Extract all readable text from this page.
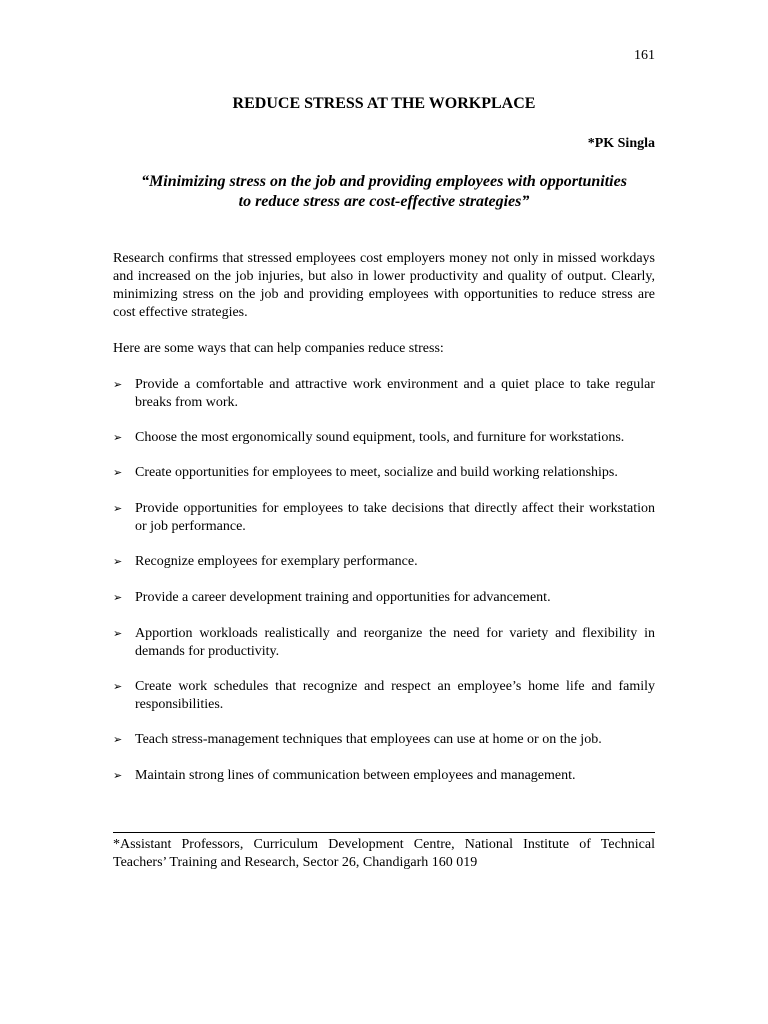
161
REDUCE STRESS AT THE WORKPLACE
*PK Singla
“Minimizing stress on the job and providing employees with opportunities
to reduce stress are cost-effective strategies”

Research confirms that stressed employees cost employers money not only in missed workdays and increased on the job injuries, but also in lower productivity and quality of output. Clearly, minimizing stress on the job and providing employees with opportunities to reduce stress are cost effective strategies.

Here are some ways that can help companies reduce stress:

➢ Provide a comfortable and attractive work environment and a quiet place to take regular breaks from work.
➢ Choose the most ergonomically sound equipment, tools, and furniture for workstations.
➢ Create opportunities for employees to meet, socialize and build working relationships.
➢ Provide opportunities for employees to take decisions that directly affect their workstation or job performance.
➢ Recognize employees for exemplary performance.
➢ Provide a career development training and opportunities for advancement.
➢ Apportion workloads realistically and reorganize the need for variety and flexibility in demands for productivity.
➢ Create work schedules that recognize and respect an employee’s home life and family responsibilities.
➢ Teach stress-management techniques that employees can use at home or on the job.
➢ Maintain strong lines of communication between employees and management.

*Assistant Professors, Curriculum Development Centre, National Institute of Technical Teachers’ Training and Research, Sector 26, Chandigarh 160 019
